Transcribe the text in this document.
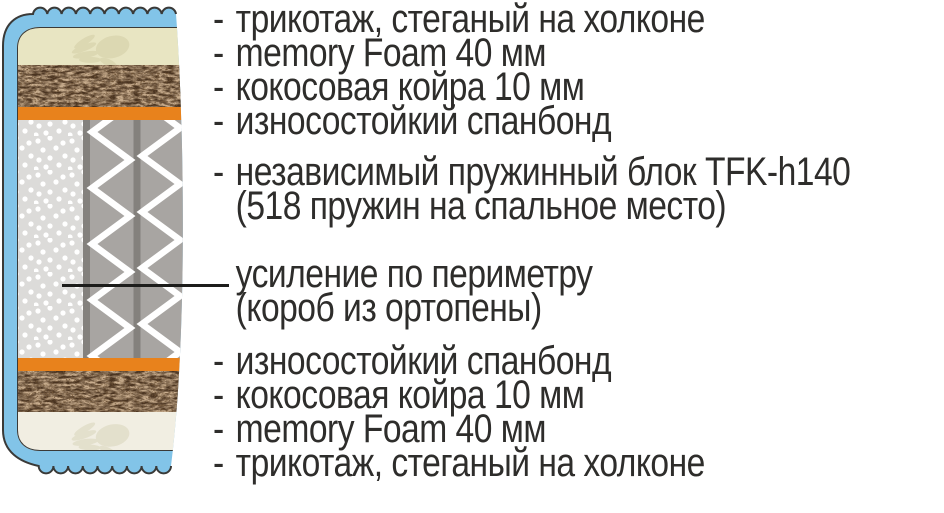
- трикотаж, стеганый на холконе
- memory Foam 40 мм
- кокосовая койра 10 мм
- износостойкий спанбонд
- независимый пружинный блок TFK-h140
(518 пружин на спальное место)
усиление по периметру
(короб из ортопены)
- износостойкий спанбонд
- кокосовая койра 10 мм
- memory Foam 40 мм
- трикотаж, стеганый на холконе
